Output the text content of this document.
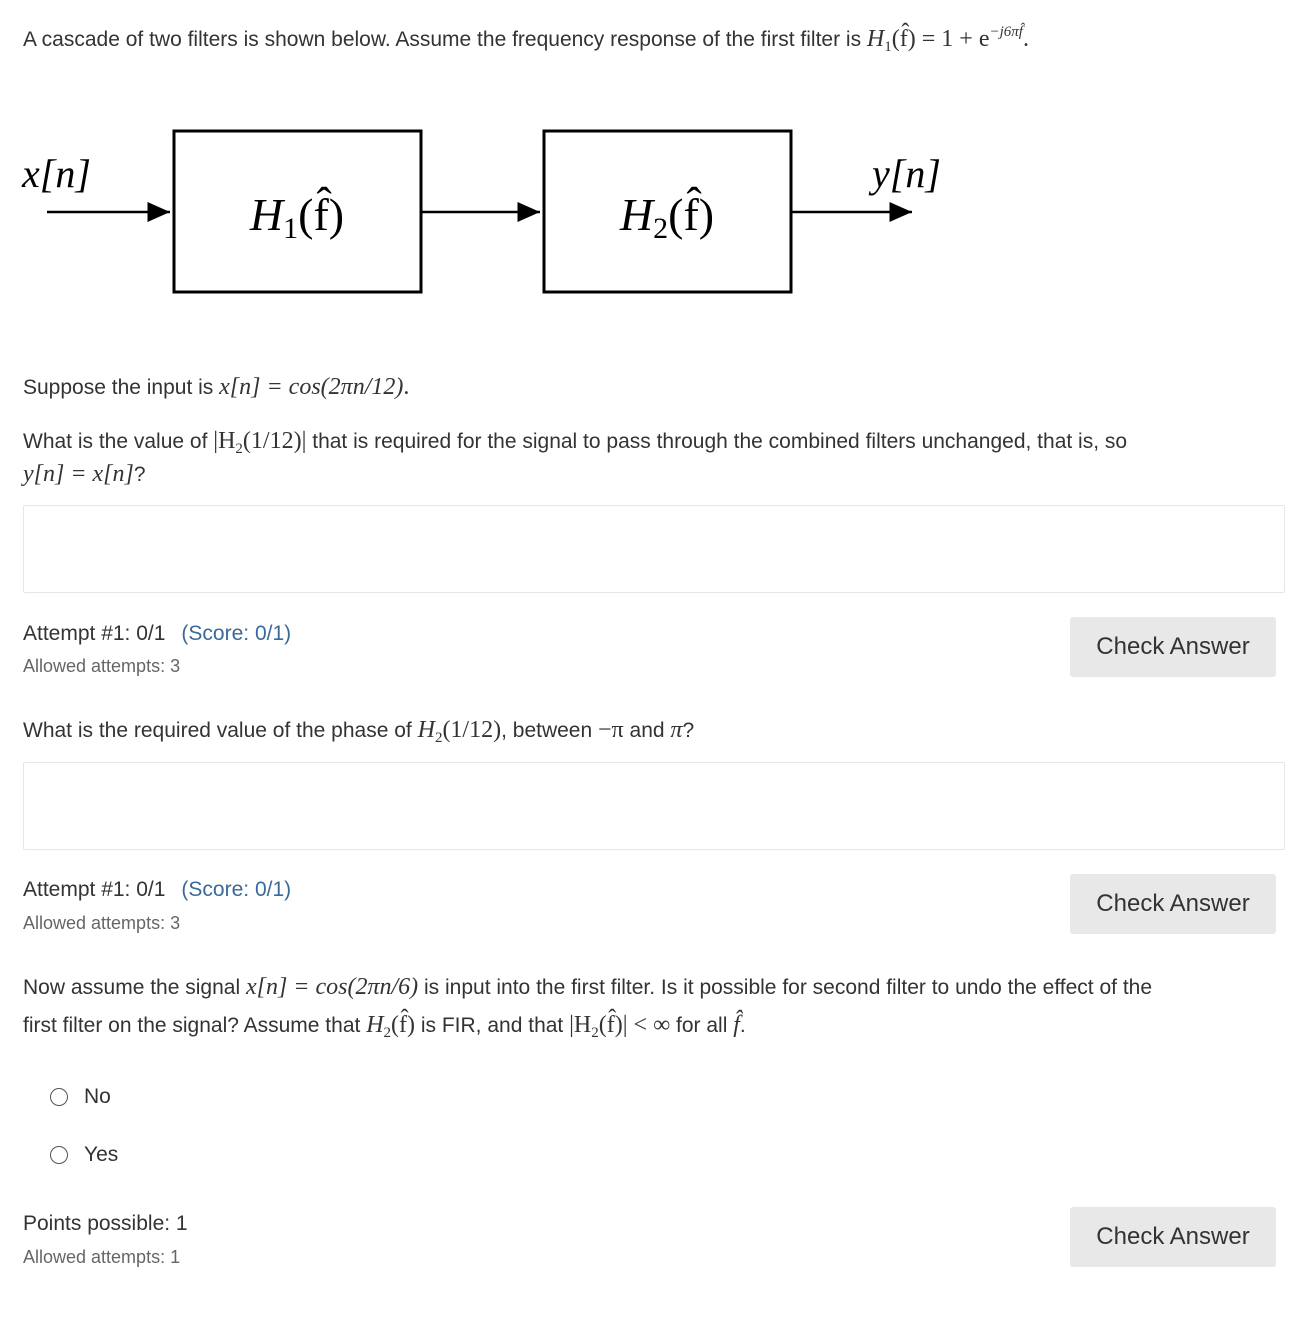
A cascade of two filters is shown below. Assume the frequency response of the first filter is $H_1(f̂) = 1 + e^{-j6\pi f̂}$.
x[n]
H1(f̂)	H2(f̂)
y[n]
Suppose the input is x[n] = cos(2πn/12).
What is the value of $|H_2(1/12)|$ that is required for the signal to pass through the combined filters unchanged, that is, so
y[n] = x[n]?
Attempt #1: 0/1 (Score: 0/1)
Allowed attempts: 3
Check Answer
What is the required value of the phase of $H_2(1/12)$, between −π and π?
Attempt #1: 0/1 (Score: 0/1)
Allowed attempts: 3
Check Answer
Now assume the signal x[n] = cos(2πn/6) is input into the first filter. Is it possible for second filter to undo the effect of the
first filter on the signal? Assume that $H_2(f̂)$ is FIR, and that $|H_2(f̂)|$ < ∞ for all f̂.
No
Yes
Points possible: 1
Allowed attempts: 1
Check Answer
